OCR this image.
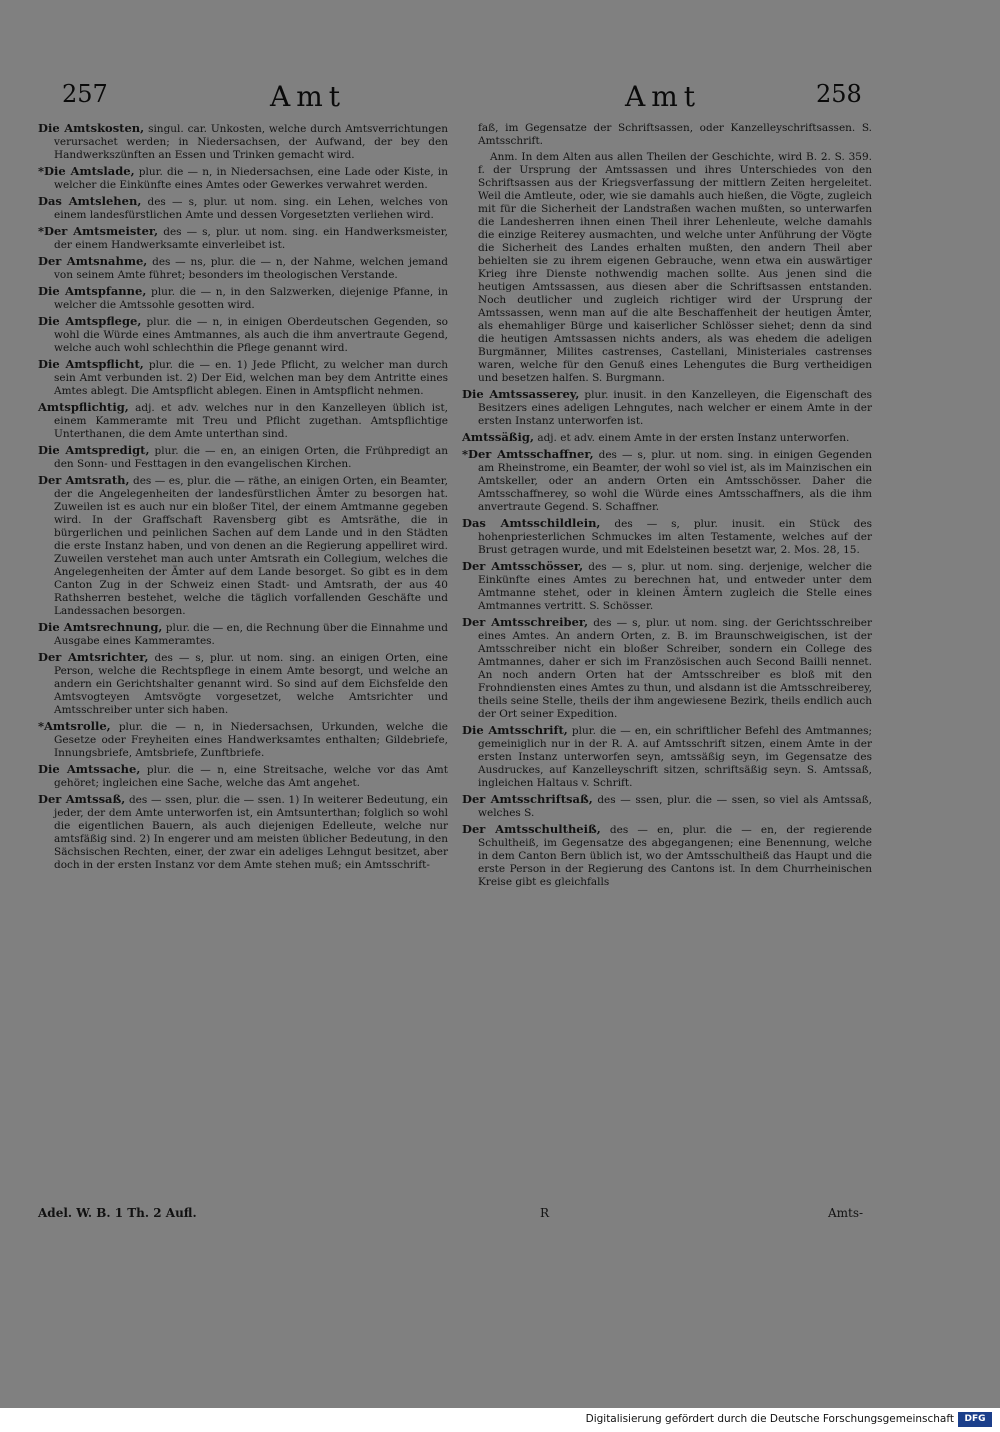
257	Amt	Amt	258

Die Amtskosten, singul. car. Unkosten, welche durch Amtsverrichtungen verursachet werden; in Niedersachsen, der Aufwand, der bey den Handwerkszünften an Essen und Trinken gemacht wird.

*Die Amtslade, plur. die — n, in Niedersachsen, eine Lade oder Kiste, in welcher die Einkünfte eines Amtes oder Gewerkes verwahret werden.

Das Amtslehen, des — s, plur. ut nom. sing. ein Lehen, welches von einem landesfürstlichen Amte und dessen Vorgesetzten verliehen wird.

*Der Amtsmeister, des — s, plur. ut nom. sing. ein Handwerksmeister, der einem Handwerksamte einverleibet ist.

Der Amtsnahme, des — ns, plur. die — n, der Nahme, welchen jemand von seinem Amte führet; besonders im theologischen Verstande.

Die Amtspfanne, plur. die — n, in den Salzwerken, diejenige Pfanne, in welcher die Amtssohle gesotten wird.

Die Amtspflege, plur. die — n, in einigen Oberdeutschen Gegenden, so wohl die Würde eines Amtmannes, als auch die ihm anvertraute Gegend, welche auch wohl schlechthin die Pflege genannt wird.

Die Amtspflicht, plur. die — en. 1) Jede Pflicht, zu welcher man durch sein Amt verbunden ist. 2) Der Eid, welchen man bey dem Antritte eines Amtes ablegt. Die Amtspflicht ablegen. Einen in Amtspflicht nehmen.

Amtspflichtig, adj. et adv. welches nur in den Kanzelleyen üblich ist, einem Kammeramte mit Treu und Pflicht zugethan. Amtspflichtige Unterthanen, die dem Amte unterthan sind.

Die Amtspredigt, plur. die — en, an einigen Orten, die Frühpredigt an den Sonn- und Festtagen in den evangelischen Kirchen.

Der Amtsrath, des — es, plur. die — räthe, an einigen Orten, ein Beamter, der die Angelegenheiten der landesfürstlichen Ämter zu besorgen hat. Zuweilen ist es auch nur ein bloßer Titel, der einem Amtmanne gegeben wird. In der Graffschaft Ravensberg gibt es Amtsräthe, die in bürgerlichen und peinlichen Sachen auf dem Lande und in den Städten die erste Instanz haben, und von denen an die Regierung appelliret wird. Zuweilen verstehet man auch unter Amtsrath ein Collegium, welches die Angelegenheiten der Ämter auf dem Lande besorget. So gibt es in dem Canton Zug in der Schweiz einen Stadt- und Amtsrath, der aus 40 Rathsherren bestehet, welche die täglich vorfallenden Geschäfte und Landessachen besorgen.

Die Amtsrechnung, plur. die — en, die Rechnung über die Einnahme und Ausgabe eines Kammeramtes.

Der Amtsrichter, des — s, plur. ut nom. sing. an einigen Orten, eine Person, welche die Rechtspflege in einem Amte besorgt, und welche an andern ein Gerichtshalter genannt wird. So sind auf dem Eichsfelde den Amtsvogteyen Amtsvögte vorgesetzet, welche Amtsrichter und Amtsschreiber unter sich haben.

*Amtsrolle, plur. die — n, in Niedersachsen, Urkunden, welche die Gesetze oder Freyheiten eines Handwerksamtes enthalten; Gildebriefe, Innungsbriefe, Amtsbriefe, Zunftbriefe.

Die Amtssache, plur. die — n, eine Streitsache, welche vor das Amt gehöret; ingleichen eine Sache, welche das Amt angehet.

Der Amtssaß, des — ssen, plur. die — ssen. 1) In weiterer Bedeutung, ein jeder, der dem Amte unterworfen ist, ein Amtsunterthan; folglich so wohl die eigentlichen Bauern, als auch diejenigen Edelleute, welche nur amtsfäßig sind. 2) In engerer und am meisten üblicher Bedeutung, in den Sächsischen Rechten, einer, der zwar ein adeliges Lehngut besitzet, aber doch in der ersten Instanz vor dem Amte stehen muß; ein Amtsschrift-

faß, im Gegensatze der Schriftsassen, oder Kanzelleyschriftsassen. S. Amtsschrift.

Anm. In dem Alten aus allen Theilen der Geschichte, wird B. 2. S. 359. f. der Ursprung der Amtssassen und ihres Unterschiedes von den Schriftsassen aus der Kriegsverfassung der mittlern Zeiten hergeleitet. Weil die Amtleute, oder, wie sie damahls auch hießen, die Vögte, zugleich mit für die Sicherheit der Landstraßen wachen mußten, so unterwarfen die Landesherren ihnen einen Theil ihrer Lehenleute, welche damahls die einzige Reiterey ausmachten, und welche unter Anführung der Vögte die Sicherheit des Landes erhalten mußten, den andern Theil aber behielten sie zu ihrem eigenen Gebrauche, wenn etwa ein auswärtiger Krieg ihre Dienste nothwendig machen sollte. Aus jenen sind die heutigen Amtssassen, aus diesen aber die Schriftsassen entstanden. Noch deutlicher und zugleich richtiger wird der Ursprung der Amtssassen, wenn man auf die alte Beschaffenheit der heutigen Ämter, als ehemahliger Bürge und kaiserlicher Schlösser siehet; denn da sind die heutigen Amtssassen nichts anders, als was ehedem die adeligen Burgmänner, Milites castrenses, Castellani, Ministeriales castrenses waren, welche für den Genuß eines Lehengutes die Burg vertheidigen und besetzen halfen. S. Burgmann.

Die Amtssasserey, plur. inusit. in den Kanzelleyen, die Eigenschaft des Besitzers eines adeligen Lehngutes, nach welcher er einem Amte in der ersten Instanz unterworfen ist.

Amtssäßig, adj. et adv. einem Amte in der ersten Instanz unterworfen.

*Der Amtsschaffner, des — s, plur. ut nom. sing. in einigen Gegenden am Rheinstrome, ein Beamter, der wohl so viel ist, als im Mainzischen ein Amtskeller, oder an andern Orten ein Amtsschösser. Daher die Amtsschaffnerey, so wohl die Würde eines Amtsschaffners, als die ihm anvertraute Gegend. S. Schaffner.

Das Amtsschildlein, des — s, plur. inusit. ein Stück des hohenpriesterlichen Schmuckes im alten Testamente, welches auf der Brust getragen wurde, und mit Edelsteinen besetzt war, 2. Mos. 28, 15.

Der Amtsschösser, des — s, plur. ut nom. sing. derjenige, welcher die Einkünfte eines Amtes zu berechnen hat, und entweder unter dem Amtmanne stehet, oder in kleinen Ämtern zugleich die Stelle eines Amtmannes vertritt. S. Schösser.

Der Amtsschreiber, des — s, plur. ut nom. sing. der Gerichtsschreiber eines Amtes. An andern Orten, z. B. im Braunschweigischen, ist der Amtsschreiber nicht ein bloßer Schreiber, sondern ein College des Amtmannes, daher er sich im Französischen auch Second Bailli nennet. An noch andern Orten hat der Amtsschreiber es bloß mit den Frohndiensten eines Amtes zu thun, und alsdann ist die Amtsschreiberey, theils seine Stelle, theils der ihm angewiesene Bezirk, theils endlich auch der Ort seiner Expedition.

Die Amtsschrift, plur. die — en, ein schriftlicher Befehl des Amtmannes; gemeiniglich nur in der R. A. auf Amtsschrift sitzen, einem Amte in der ersten Instanz unterworfen seyn, amtssäßig seyn, im Gegensatze des Ausdruckes, auf Kanzelleyschrift sitzen, schriftsäßig seyn. S. Amtssaß, ingleichen Haltaus v. Schrift.

Der Amtsschriftsaß, des — ssen, plur. die — ssen, so viel als Amtssaß, welches S.

Der Amtsschultheiß, des — en, plur. die — en, der regierende Schultheiß, im Gegensatze des abgegangenen; eine Benennung, welche in dem Canton Bern üblich ist, wo der Amtsschultheiß das Haupt und die erste Person in der Regierung des Cantons ist. In dem Churrheinischen Kreise gibt es gleichfalls

Adel. W. B. 1 Th. 2 Aufl.	R	Amts-
Digitalisierung gefördert durch die Deutsche Forschungsgemeinschaft	DFG
